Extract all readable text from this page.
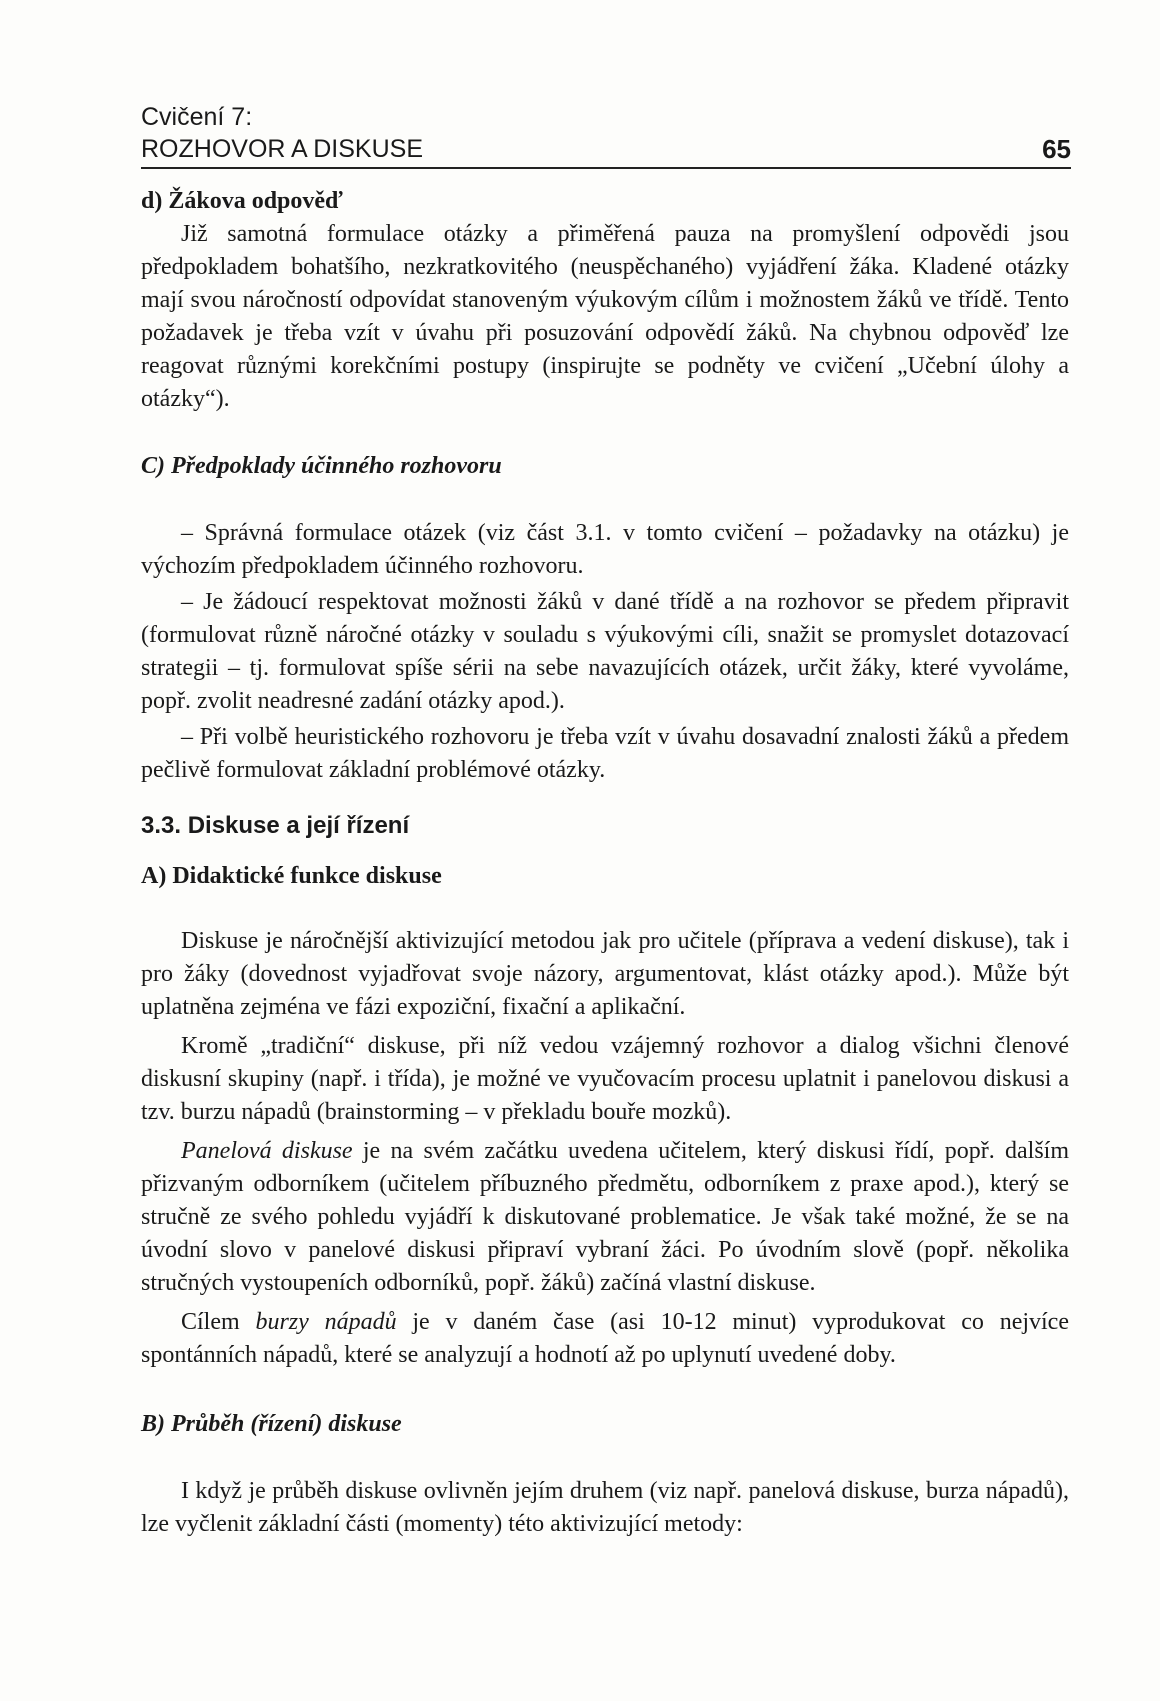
Cvičení 7:
ROZHOVOR A DISKUSE	65

d) Žákova odpověď

Již samotná formulace otázky a přiměřená pauza na promyšlení odpovědi jsou předpokladem bohatšího, nezkratkovitého (neuspěchaného) vyjádření žáka. Kladené otázky mají svou náročností odpovídat stanoveným výukovým cílům i možnostem žáků ve třídě. Tento požadavek je třeba vzít v úvahu při posuzování odpovědí žáků. Na chybnou odpověď lze reagovat různými korekčními postupy (inspirujte se podněty ve cvičení „Učební úlohy a otázky“).

C) Předpoklady účinného rozhovoru

– Správná formulace otázek (viz část 3.1. v tomto cvičení – požadavky na otázku) je výchozím předpokladem účinného rozhovoru.

– Je žádoucí respektovat možnosti žáků v dané třídě a na rozhovor se předem připravit (formulovat různě náročné otázky v souladu s výukovými cíli, snažit se promyslet dotazovací strategii – tj. formulovat spíše sérii na sebe navazujících otázek, určit žáky, které vyvoláme, popř. zvolit neadresné zadání otázky apod.).

– Při volbě heuristického rozhovoru je třeba vzít v úvahu dosavadní znalosti žáků a předem pečlivě formulovat základní problémové otázky.

3.3. Diskuse a její řízení

A) Didaktické funkce diskuse

Diskuse je náročnější aktivizující metodou jak pro učitele (příprava a vedení diskuse), tak i pro žáky (dovednost vyjadřovat svoje názory, argumentovat, klást otázky apod.). Může být uplatněna zejména ve fázi expoziční, fixační a aplikační.

Kromě „tradiční“ diskuse, při níž vedou vzájemný rozhovor a dialog všichni členové diskusní skupiny (např. i třída), je možné ve vyučovacím procesu uplatnit i panelovou diskusi a tzv. burzu nápadů (brainstorming – v překladu bouře mozků).

Panelová diskuse je na svém začátku uvedena učitelem, který diskusi řídí, popř. dalším přizvaným odborníkem (učitelem příbuzného předmětu, odborníkem z praxe apod.), který se stručně ze svého pohledu vyjádří k diskutované problematice. Je však také možné, že se na úvodní slovo v panelové diskusi připraví vybraní žáci. Po úvodním slově (popř. několika stručných vystoupeních odborníků, popř. žáků) začíná vlastní diskuse.

Cílem burzy nápadů je v daném čase (asi 10-12 minut) vyprodukovat co nejvíce spontánních nápadů, které se analyzují a hodnotí až po uplynutí uvedené doby.

B) Průběh (řízení) diskuse

I když je průběh diskuse ovlivněn jejím druhem (viz např. panelová diskuse, burza nápadů), lze vyčlenit základní části (momenty) této aktivizující metody:
